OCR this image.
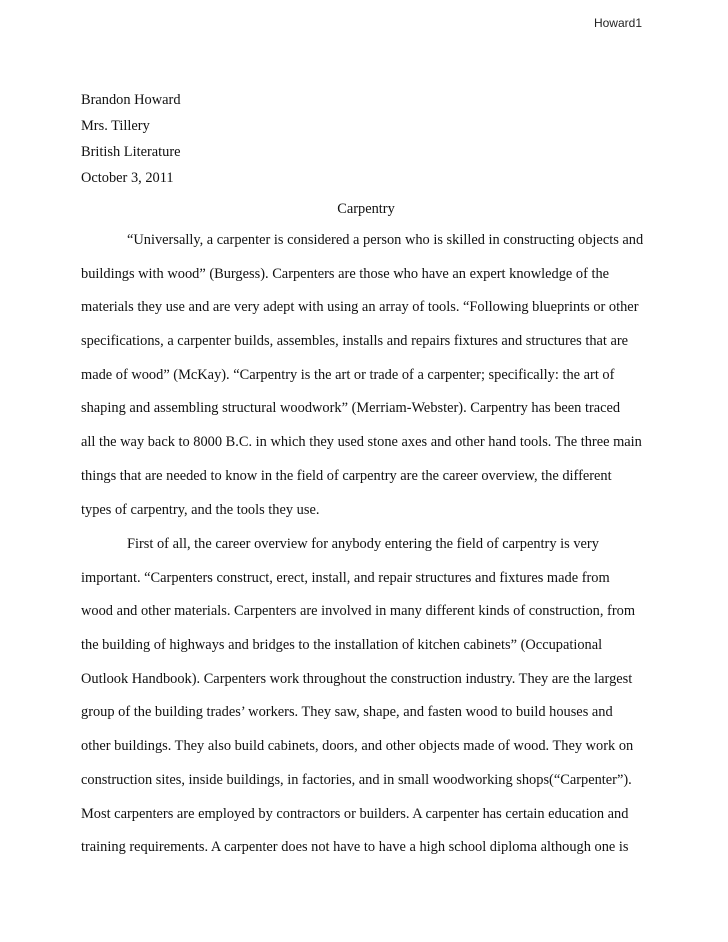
Howard1
Brandon Howard
Mrs. Tillery
British Literature
October 3, 2011
Carpentry
“Universally, a carpenter is considered a person who is skilled in constructing objects and
buildings with wood” (Burgess). Carpenters are those who have an expert knowledge of the
materials they use and are very adept with using an array of tools. “Following blueprints or other
specifications, a carpenter builds, assembles, installs and repairs fixtures and structures that are
made of wood” (McKay). “Carpentry is the art or trade of a carpenter; specifically: the art of
shaping and assembling structural woodwork” (Merriam-Webster). Carpentry has been traced
all the way back to 8000 B.C. in which they used stone axes and other hand tools. The three main
things that are needed to know in the field of carpentry are the career overview, the different
types of carpentry, and the tools they use.
First of all, the career overview for anybody entering the field of carpentry is very
important. “Carpenters construct, erect, install, and repair structures and fixtures made from
wood and other materials. Carpenters are involved in many different kinds of construction, from
the building of highways and bridges to the installation of kitchen cabinets” (Occupational
Outlook Handbook). Carpenters work throughout the construction industry. They are the largest
group of the building trades’ workers. They saw, shape, and fasten wood to build houses and
other buildings. They also build cabinets, doors, and other objects made of wood. They work on
construction sites, inside buildings, in factories, and in small woodworking shops(“Carpenter”).
Most carpenters are employed by contractors or builders. A carpenter has certain education and
training requirements. A carpenter does not have to have a high school diploma although one is
